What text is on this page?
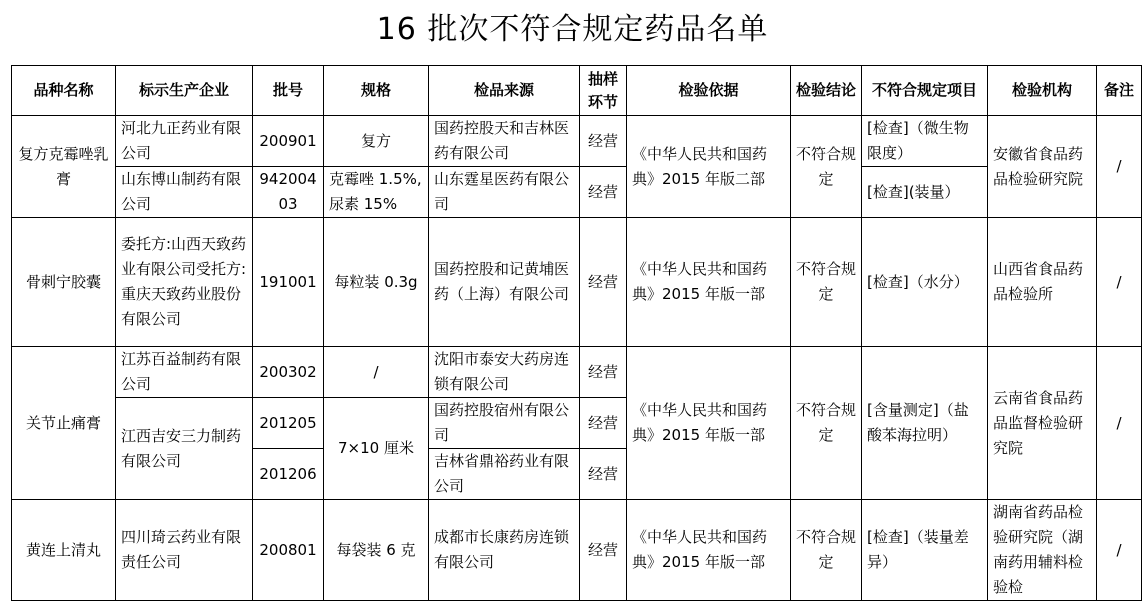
16 批次不符合规定药品名单
品种名称	标示生产企业	批号	规格	检品来源	抽样环节	检验依据	检验结论	不符合规定项目	检验机构	备注
复方克霉唑乳膏	河北九正药业有限公司	200901	复方	国药控股天和吉林医药有限公司	经营	《中华人民共和国药典》2015 年版二部	不符合规定	[检查]（微生物限度）	安徽省食品药品检验研究院	/
	山东博山制药有限公司	94200403	克霉唑 1.5%,尿素 15%	山东霆星医药有限公司	经营			[检查](装量）		
骨刺宁胶囊	委托方:山西天致药业有限公司受托方:重庆天致药业股份有限公司	191001	每粒装 0.3g	国药控股和记黄埔医药（上海）有限公司	经营	《中华人民共和国药典》2015 年版一部	不符合规定	[检查]（水分）	山西省食品药品检验所	/
关节止痛膏	江苏百益制药有限公司	200302	/	沈阳市泰安大药房连锁有限公司	经营	《中华人民共和国药典》2015 年版一部	不符合规定	[含量测定]（盐酸苯海拉明）	云南省食品药品监督检验研究院	/
	江西吉安三力制药有限公司	201205	7×10 厘米	国药控股宿州有限公司	经营					
		201206		吉林省鼎裕药业有限公司	经营					
黄连上清丸	四川琦云药业有限责任公司	200801	每袋装 6 克	成都市长康药房连锁有限公司	经营	《中华人民共和国药典》2015 年版一部	不符合规定	[检查]（装量差异）	湖南省药品检验研究院（湖南药用辅料检验检	/
